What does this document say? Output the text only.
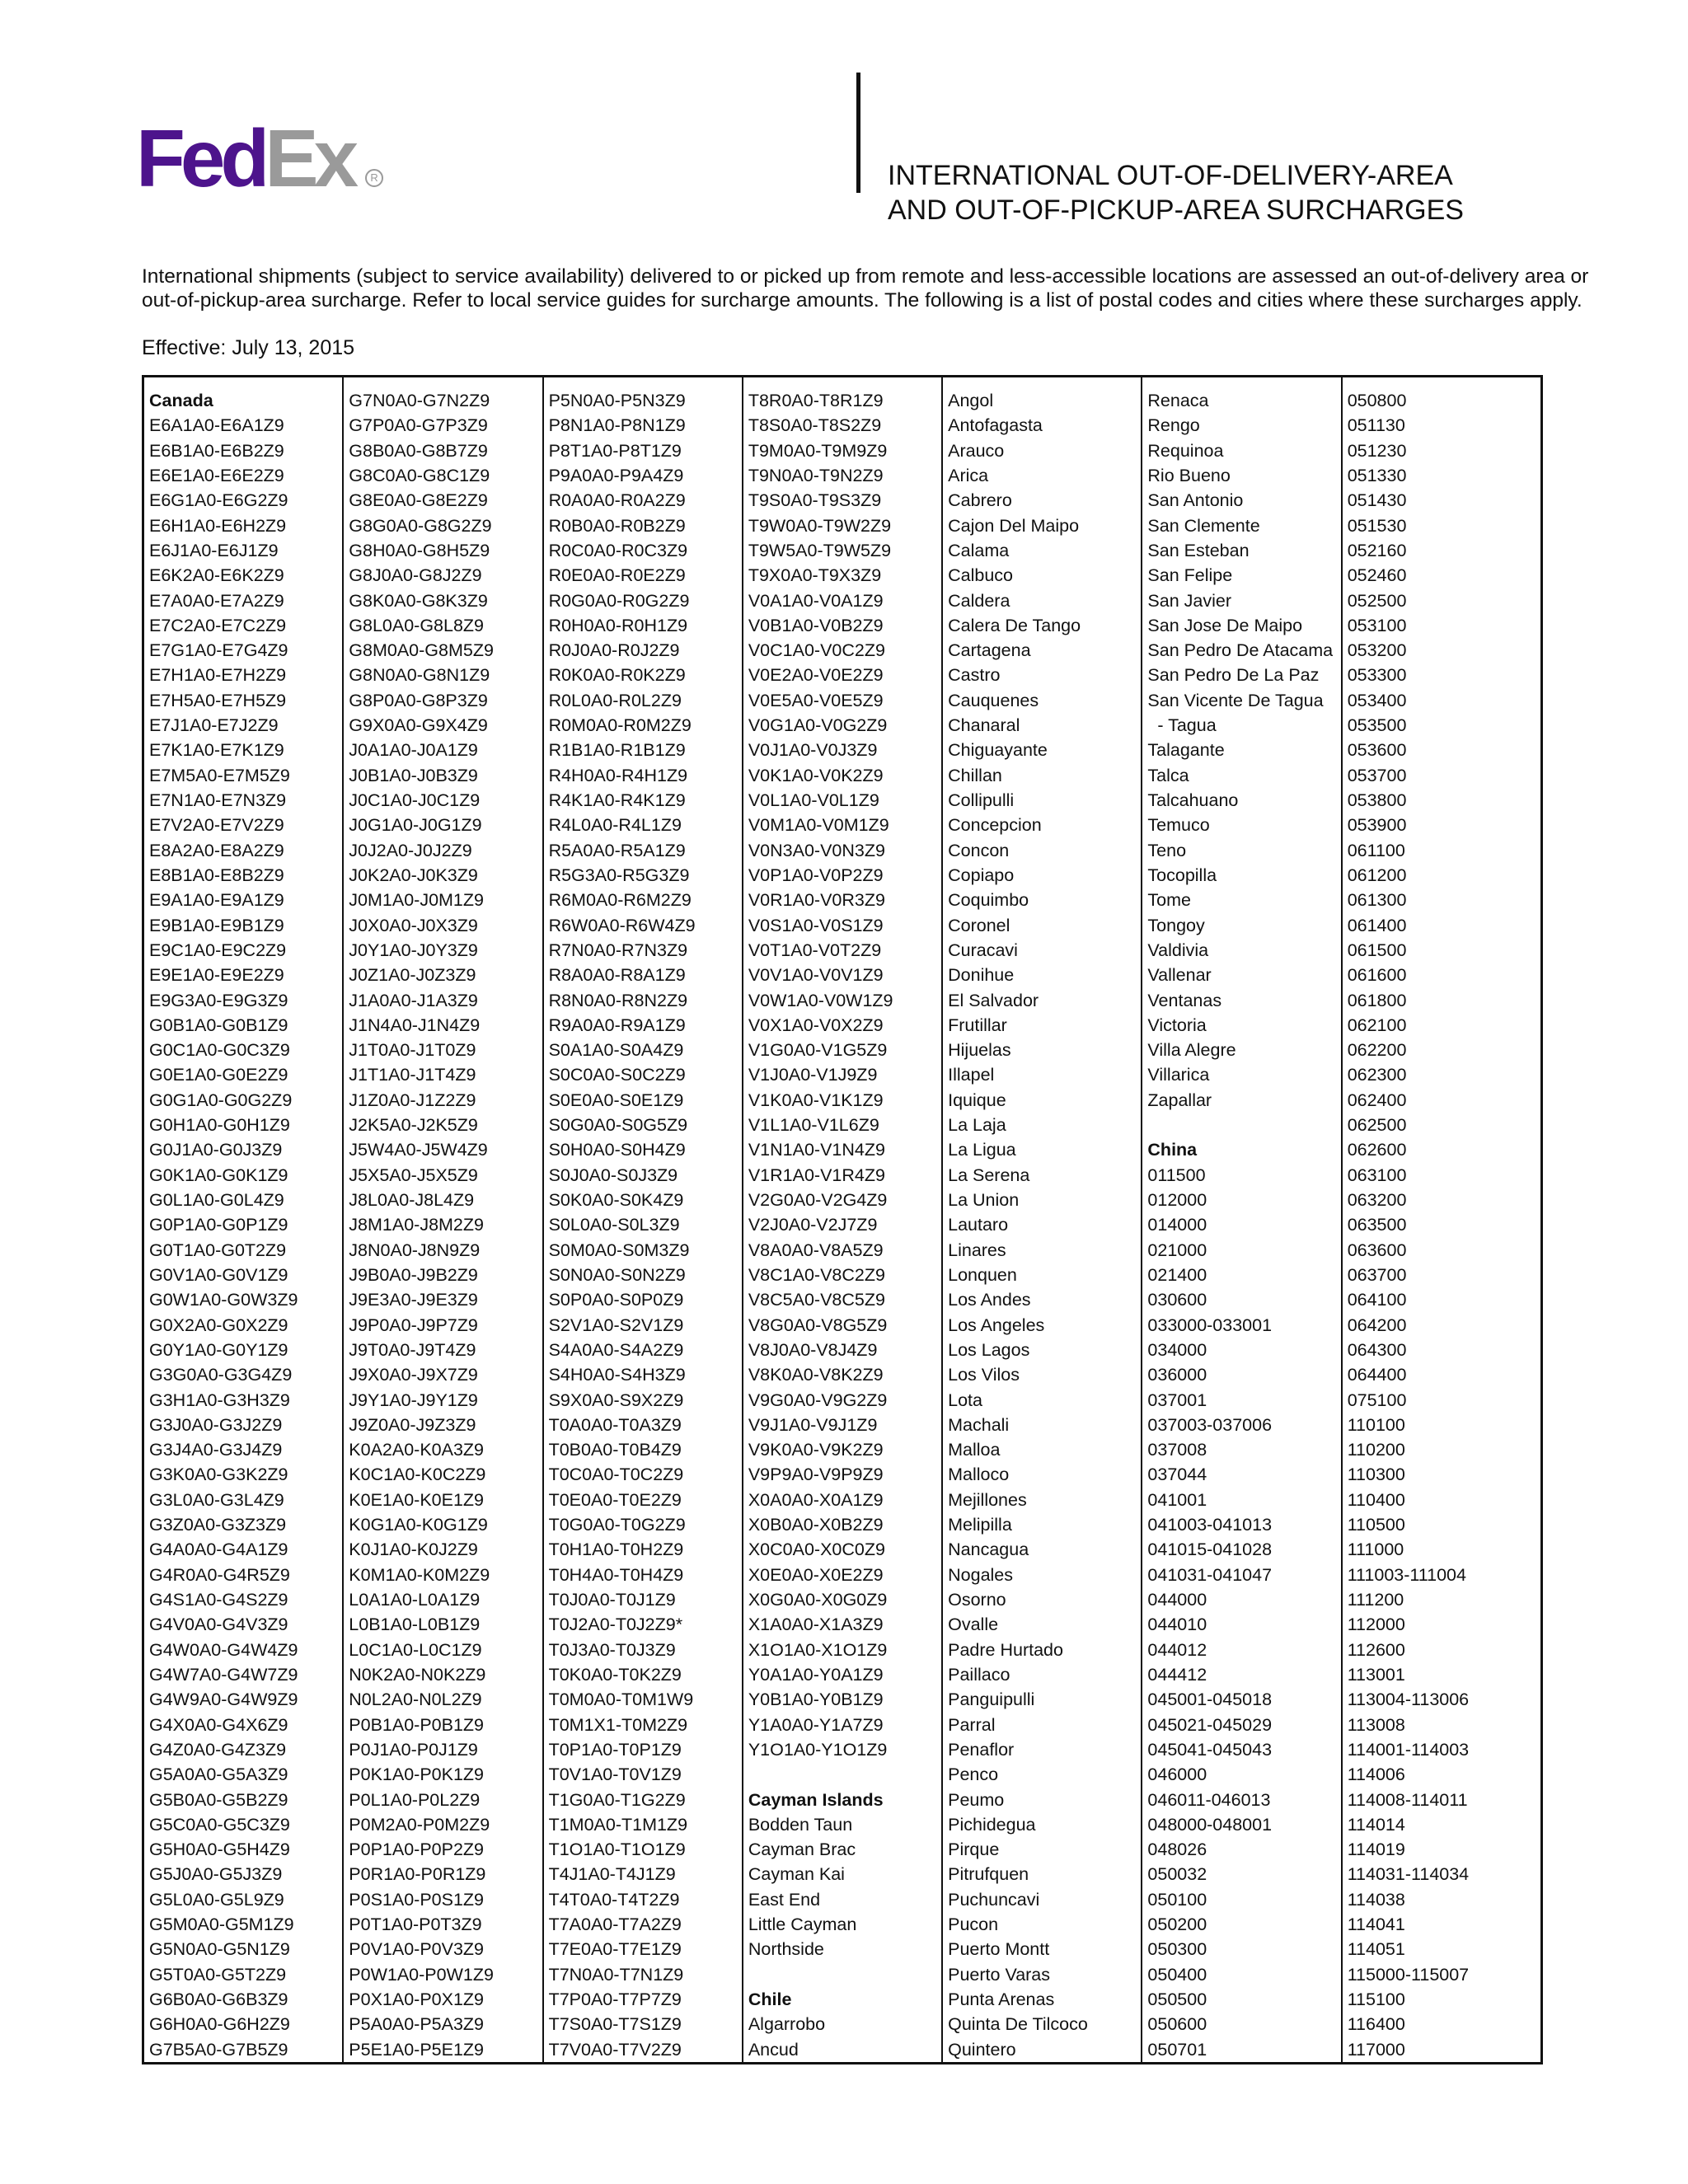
FedEx R	INTERNATIONAL OUT-OF-DELIVERY-AREA
AND OUT-OF-PICKUP-AREA SURCHARGES
International shipments (subject to service availability) delivered to or picked up from remote and less-accessible locations are assessed an out-of-delivery area or
out-of-pickup-area surcharge. Refer to local service guides for surcharge amounts. The following is a list of postal codes and cities where these surcharges apply.
Effective: July 13, 2015
Canada
E6A1A0-E6A1Z9
E6B1A0-E6B2Z9
E6E1A0-E6E2Z9
E6G1A0-E6G2Z9
E6H1A0-E6H2Z9
E6J1A0-E6J1Z9
E6K2A0-E6K2Z9
E7A0A0-E7A2Z9
E7C2A0-E7C2Z9
E7G1A0-E7G4Z9
E7H1A0-E7H2Z9
E7H5A0-E7H5Z9
E7J1A0-E7J2Z9
E7K1A0-E7K1Z9
E7M5A0-E7M5Z9
E7N1A0-E7N3Z9
E7V2A0-E7V2Z9
E8A2A0-E8A2Z9
E8B1A0-E8B2Z9
E9A1A0-E9A1Z9
E9B1A0-E9B1Z9
E9C1A0-E9C2Z9
E9E1A0-E9E2Z9
E9G3A0-E9G3Z9
G0B1A0-G0B1Z9
G0C1A0-G0C3Z9
G0E1A0-G0E2Z9
G0G1A0-G0G2Z9
G0H1A0-G0H1Z9
G0J1A0-G0J3Z9
G0K1A0-G0K1Z9
G0L1A0-G0L4Z9
G0P1A0-G0P1Z9
G0T1A0-G0T2Z9
G0V1A0-G0V1Z9
G0W1A0-G0W3Z9
G0X2A0-G0X2Z9
G0Y1A0-G0Y1Z9
G3G0A0-G3G4Z9
G3H1A0-G3H3Z9
G3J0A0-G3J2Z9
G3J4A0-G3J4Z9
G3K0A0-G3K2Z9
G3L0A0-G3L4Z9
G3Z0A0-G3Z3Z9
G4A0A0-G4A1Z9
G4R0A0-G4R5Z9
G4S1A0-G4S2Z9
G4V0A0-G4V3Z9
G4W0A0-G4W4Z9
G4W7A0-G4W7Z9
G4W9A0-G4W9Z9
G4X0A0-G4X6Z9
G4Z0A0-G4Z3Z9
G5A0A0-G5A3Z9
G5B0A0-G5B2Z9
G5C0A0-G5C3Z9
G5H0A0-G5H4Z9
G5J0A0-G5J3Z9
G5L0A0-G5L9Z9
G5M0A0-G5M1Z9
G5N0A0-G5N1Z9
G5T0A0-G5T2Z9
G6B0A0-G6B3Z9
G6H0A0-G6H2Z9
G7B5A0-G7B5Z9
G7N0A0-G7N2Z9
G7P0A0-G7P3Z9
G8B0A0-G8B7Z9
G8C0A0-G8C1Z9
G8E0A0-G8E2Z9
G8G0A0-G8G2Z9
G8H0A0-G8H5Z9
G8J0A0-G8J2Z9
G8K0A0-G8K3Z9
G8L0A0-G8L8Z9
G8M0A0-G8M5Z9
G8N0A0-G8N1Z9
G8P0A0-G8P3Z9
G9X0A0-G9X4Z9
J0A1A0-J0A1Z9
J0B1A0-J0B3Z9
J0C1A0-J0C1Z9
J0G1A0-J0G1Z9
J0J2A0-J0J2Z9
J0K2A0-J0K3Z9
J0M1A0-J0M1Z9
J0X0A0-J0X3Z9
J0Y1A0-J0Y3Z9
J0Z1A0-J0Z3Z9
J1A0A0-J1A3Z9
J1N4A0-J1N4Z9
J1T0A0-J1T0Z9
J1T1A0-J1T4Z9
J1Z0A0-J1Z2Z9
J2K5A0-J2K5Z9
J5W4A0-J5W4Z9
J5X5A0-J5X5Z9
J8L0A0-J8L4Z9
J8M1A0-J8M2Z9
J8N0A0-J8N9Z9
J9B0A0-J9B2Z9
J9E3A0-J9E3Z9
J9P0A0-J9P7Z9
J9T0A0-J9T4Z9
J9X0A0-J9X7Z9
J9Y1A0-J9Y1Z9
J9Z0A0-J9Z3Z9
K0A2A0-K0A3Z9
K0C1A0-K0C2Z9
K0E1A0-K0E1Z9
K0G1A0-K0G1Z9
K0J1A0-K0J2Z9
K0M1A0-K0M2Z9
L0A1A0-L0A1Z9
L0B1A0-L0B1Z9
L0C1A0-L0C1Z9
N0K2A0-N0K2Z9
N0L2A0-N0L2Z9
P0B1A0-P0B1Z9
P0J1A0-P0J1Z9
P0K1A0-P0K1Z9
P0L1A0-P0L2Z9
P0M2A0-P0M2Z9
P0P1A0-P0P2Z9
P0R1A0-P0R1Z9
P0S1A0-P0S1Z9
P0T1A0-P0T3Z9
P0V1A0-P0V3Z9
P0W1A0-P0W1Z9
P0X1A0-P0X1Z9
P5A0A0-P5A3Z9
P5E1A0-P5E1Z9
P5N0A0-P5N3Z9
P8N1A0-P8N1Z9
P8T1A0-P8T1Z9
P9A0A0-P9A4Z9
R0A0A0-R0A2Z9
R0B0A0-R0B2Z9
R0C0A0-R0C3Z9
R0E0A0-R0E2Z9
R0G0A0-R0G2Z9
R0H0A0-R0H1Z9
R0J0A0-R0J2Z9
R0K0A0-R0K2Z9
R0L0A0-R0L2Z9
R0M0A0-R0M2Z9
R1B1A0-R1B1Z9
R4H0A0-R4H1Z9
R4K1A0-R4K1Z9
R4L0A0-R4L1Z9
R5A0A0-R5A1Z9
R5G3A0-R5G3Z9
R6M0A0-R6M2Z9
R6W0A0-R6W4Z9
R7N0A0-R7N3Z9
R8A0A0-R8A1Z9
R8N0A0-R8N2Z9
R9A0A0-R9A1Z9
S0A1A0-S0A4Z9
S0C0A0-S0C2Z9
S0E0A0-S0E1Z9
S0G0A0-S0G5Z9
S0H0A0-S0H4Z9
S0J0A0-S0J3Z9
S0K0A0-S0K4Z9
S0L0A0-S0L3Z9
S0M0A0-S0M3Z9
S0N0A0-S0N2Z9
S0P0A0-S0P0Z9
S2V1A0-S2V1Z9
S4A0A0-S4A2Z9
S4H0A0-S4H3Z9
S9X0A0-S9X2Z9
T0A0A0-T0A3Z9
T0B0A0-T0B4Z9
T0C0A0-T0C2Z9
T0E0A0-T0E2Z9
T0G0A0-T0G2Z9
T0H1A0-T0H2Z9
T0H4A0-T0H4Z9
T0J0A0-T0J1Z9
T0J2A0-T0J2Z9*
T0J3A0-T0J3Z9
T0K0A0-T0K2Z9
T0M0A0-T0M1W9
T0M1X1-T0M2Z9
T0P1A0-T0P1Z9
T0V1A0-T0V1Z9
T1G0A0-T1G2Z9
T1M0A0-T1M1Z9
T1O1A0-T1O1Z9
T4J1A0-T4J1Z9
T4T0A0-T4T2Z9
T7A0A0-T7A2Z9
T7E0A0-T7E1Z9
T7N0A0-T7N1Z9
T7P0A0-T7P7Z9
T7S0A0-T7S1Z9
T7V0A0-T7V2Z9
T8R0A0-T8R1Z9
T8S0A0-T8S2Z9
T9M0A0-T9M9Z9
T9N0A0-T9N2Z9
T9S0A0-T9S3Z9
T9W0A0-T9W2Z9
T9W5A0-T9W5Z9
T9X0A0-T9X3Z9
V0A1A0-V0A1Z9
V0B1A0-V0B2Z9
V0C1A0-V0C2Z9
V0E2A0-V0E2Z9
V0E5A0-V0E5Z9
V0G1A0-V0G2Z9
V0J1A0-V0J3Z9
V0K1A0-V0K2Z9
V0L1A0-V0L1Z9
V0M1A0-V0M1Z9
V0N3A0-V0N3Z9
V0P1A0-V0P2Z9
V0R1A0-V0R3Z9
V0S1A0-V0S1Z9
V0T1A0-V0T2Z9
V0V1A0-V0V1Z9
V0W1A0-V0W1Z9
V0X1A0-V0X2Z9
V1G0A0-V1G5Z9
V1J0A0-V1J9Z9
V1K0A0-V1K1Z9
V1L1A0-V1L6Z9
V1N1A0-V1N4Z9
V1R1A0-V1R4Z9
V2G0A0-V2G4Z9
V2J0A0-V2J7Z9
V8A0A0-V8A5Z9
V8C1A0-V8C2Z9
V8C5A0-V8C5Z9
V8G0A0-V8G5Z9
V8J0A0-V8J4Z9
V8K0A0-V8K2Z9
V9G0A0-V9G2Z9
V9J1A0-V9J1Z9
V9K0A0-V9K2Z9
V9P9A0-V9P9Z9
X0A0A0-X0A1Z9
X0B0A0-X0B2Z9
X0C0A0-X0C0Z9
X0E0A0-X0E2Z9
X0G0A0-X0G0Z9
X1A0A0-X1A3Z9
X1O1A0-X1O1Z9
Y0A1A0-Y0A1Z9
Y0B1A0-Y0B1Z9
Y1A0A0-Y1A7Z9
Y1O1A0-Y1O1Z9

Cayman Islands
Bodden Taun
Cayman Brac
Cayman Kai
East End
Little Cayman
Northside

Chile
Algarrobo
Ancud
Angol
Antofagasta
Arauco
Arica
Cabrero
Cajon Del Maipo
Calama
Calbuco
Caldera
Calera De Tango
Cartagena
Castro
Cauquenes
Chanaral
Chiguayante
Chillan
Collipulli
Concepcion
Concon
Copiapo
Coquimbo
Coronel
Curacavi
Donihue
El Salvador
Frutillar
Hijuelas
Illapel
Iquique
La Laja
La Ligua
La Serena
La Union
Lautaro
Linares
Lonquen
Los Andes
Los Angeles
Los Lagos
Los Vilos
Lota
Machali
Malloa
Malloco
Mejillones
Melipilla
Nancagua
Nogales
Osorno
Ovalle
Padre Hurtado
Paillaco
Panguipulli
Parral
Penaflor
Penco
Peumo
Pichidegua
Pirque
Pitrufquen
Puchuncavi
Pucon
Puerto Montt
Puerto Varas
Punta Arenas
Quinta De Tilcoco
Quintero
Renaca
Rengo
Requinoa
Rio Bueno
San Antonio
San Clemente
San Esteban
San Felipe
San Javier
San Jose De Maipo
San Pedro De Atacama
San Pedro De La Paz
San Vicente De Tagua
- Tagua
Talagante
Talca
Talcahuano
Temuco
Teno
Tocopilla
Tome
Tongoy
Valdivia
Vallenar
Ventanas
Victoria
Villa Alegre
Villarica
Zapallar

China
011500
012000
014000
021000
021400
030600
033000-033001
034000
036000
037001
037003-037006
037008
037044
041001
041003-041013
041015-041028
041031-041047
044000
044010
044012
044412
045001-045018
045021-045029
045041-045043
046000
046011-046013
048000-048001
048026
050032
050100
050200
050300
050400
050500
050600
050701
050800
051130
051230
051330
051430
051530
052160
052460
052500
053100
053200
053300
053400
053500
053600
053700
053800
053900
061100
061200
061300
061400
061500
061600
061800
062100
062200
062300
062400
062500
062600
063100
063200
063500
063600
063700
064100
064200
064300
064400
075100
110100
110200
110300
110400
110500
111000
111003-111004
111200
112000
112600
113001
113004-113006
113008
114001-114003
114006
114008-114011
114014
114019
114031-114034
114038
114041
114051
115000-115007
115100
116400
117000
